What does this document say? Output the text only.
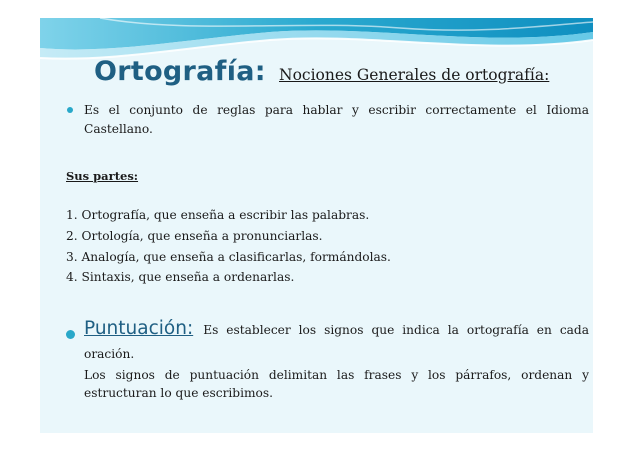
Ortografía: Nociones Generales de ortografía:
Es el conjunto de reglas para hablar y escribir correctamente el Idioma
Castellano.
Sus partes:
1. Ortografía, que enseña a escribir las palabras.
2. Ortología, que enseña a pronunciarlas.
3. Analogía, que enseña a clasificarlas, formándolas.
4. Sintaxis, que enseña a ordenarlas.
Puntuación: Es establecer los signos que indica la ortografía en cada
oración.
Los signos de puntuación delimitan las frases y los párrafos, ordenan y
estructuran lo que escribimos.
